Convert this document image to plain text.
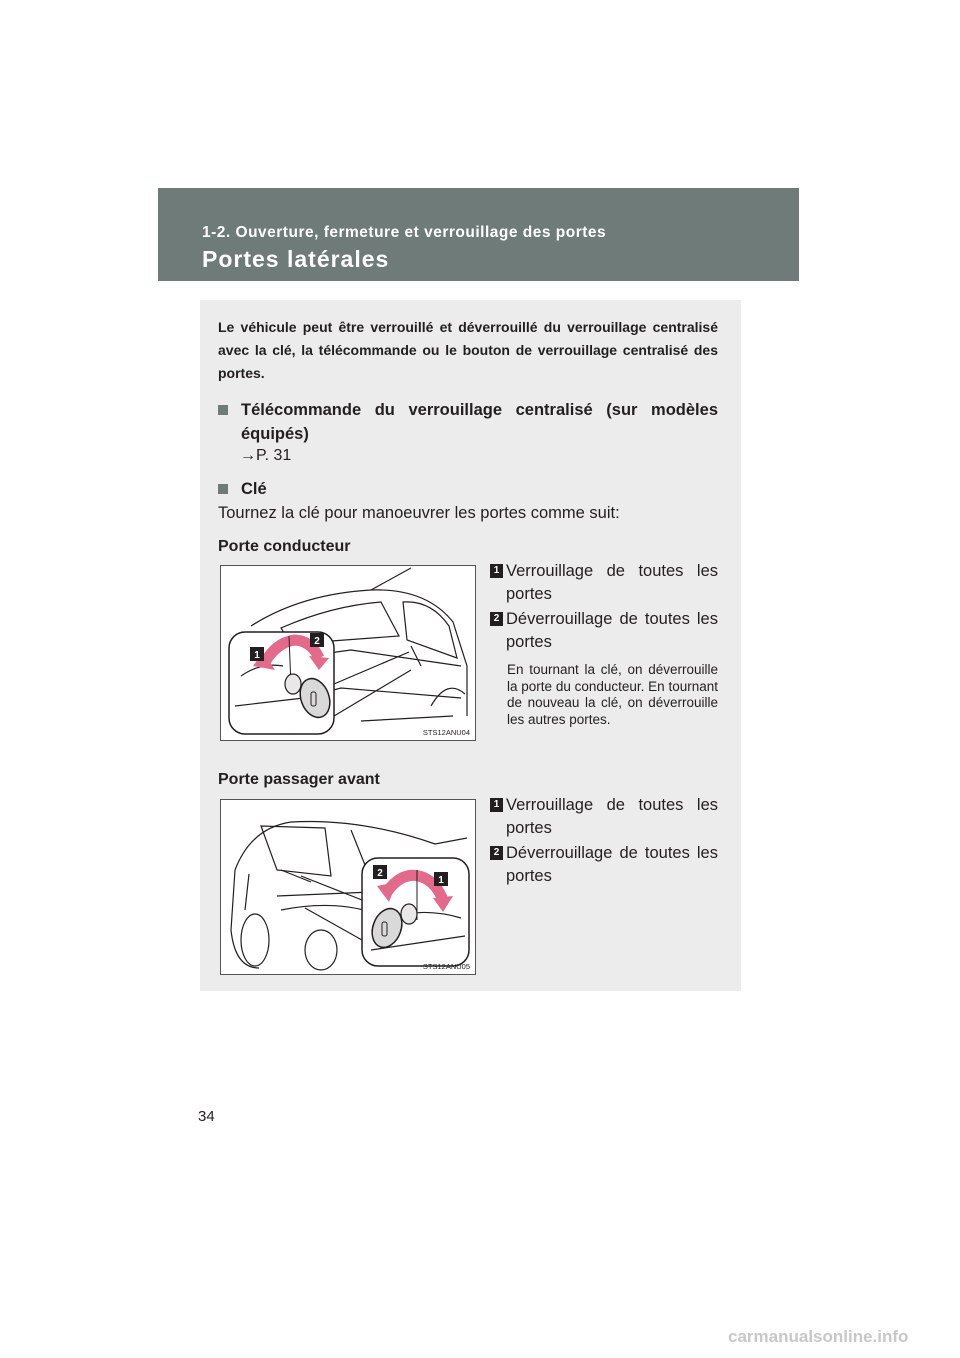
1-2. Ouverture, fermeture et verrouillage des portes
Portes latérales
Le véhicule peut être verrouillé et déverrouillé du verrouillage centralisé avec la clé, la télécommande ou le bouton de verrouillage centralisé des portes.
Télécommande du verrouillage centralisé (sur modèles équipés)
→P. 31
Clé
Tournez la clé pour manoeuvrer les portes comme suit:
Porte conducteur
1
2
STS12ANU04
1 Verrouillage de toutes les portes
2 Déverrouillage de toutes les portes
En tournant la clé, on déverrouille la porte du conducteur. En tournant de nouveau la clé, on déverrouille les autres portes.
Porte passager avant
2
1
STS12ANU05
1 Verrouillage de toutes les portes
2 Déverrouillage de toutes les portes
34
carmanualsonline.info
